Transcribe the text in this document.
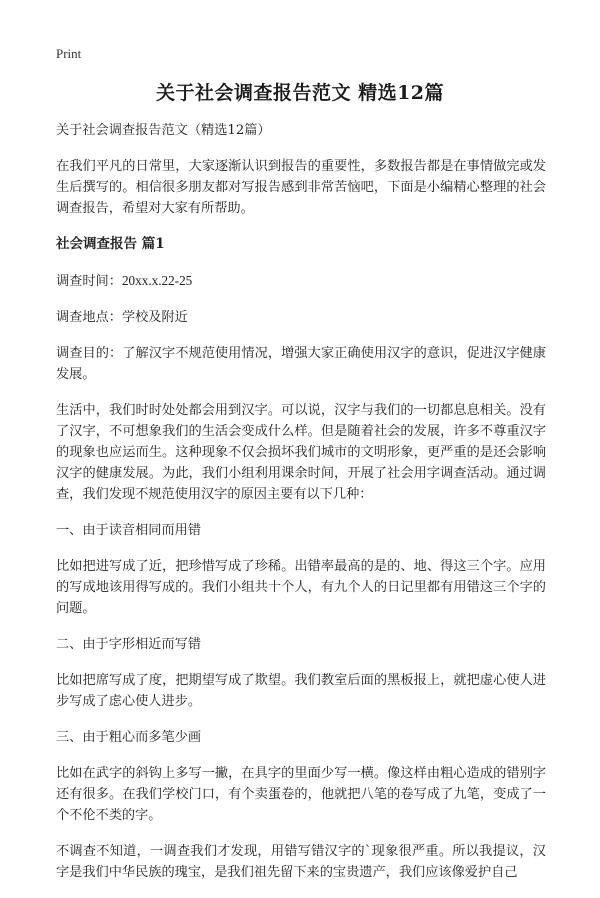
Print
关于社会调查报告范文 精选12篇

关于社会调查报告范文（精选12篇）

在我们平凡的日常里，大家逐渐认识到报告的重要性，多数报告都是在事情做完或发生后撰写的。相信很多朋友都对写报告感到非常苦恼吧，下面是小编精心整理的社会调查报告，希望对大家有所帮助。

社会调查报告 篇1

调查时间：20xx.x.22-25

调查地点：学校及附近

调查目的：了解汉字不规范使用情况，增强大家正确使用汉字的意识，促进汉字健康发展。

生活中，我们时时处处都会用到汉字。可以说，汉字与我们的一切都息息相关。没有了汉字，不可想象我们的生活会变成什么样。但是随着社会的发展，许多不尊重汉字的现象也应运而生。这种现象不仅会损坏我们城市的文明形象，更严重的是还会影响汉字的健康发展。为此，我们小组利用课余时间，开展了社会用字调查活动。通过调查，我们发现不规范使用汉字的原因主要有以下几种：

一、由于读音相同而用错

比如把进写成了近，把珍惜写成了珍稀。出错率最高的是的、地、得这三个字。应用的写成地该用得写成的。我们小组共十个人，有九个人的日记里都有用错这三个字的问题。

二、由于字形相近而写错

比如把席写成了度，把期望写成了欺望。我们教室后面的黑板报上，就把虚心使人进步写成了虑心使人进步。

三、由于粗心而多笔少画

比如在武字的斜钩上多写一撇，在具字的里面少写一横。像这样由粗心造成的错别字还有很多。在我们学校门口，有个卖蛋卷的，他就把八笔的卷写成了九笔，变成了一个不伦不类的字。

不调查不知道，一调查我们才发现，用错写错汉字的`现象很严重。所以我提议，汉字是我们中华民族的瑰宝，是我们祖先留下来的宝贵遗产，我们应该像爱护自己
